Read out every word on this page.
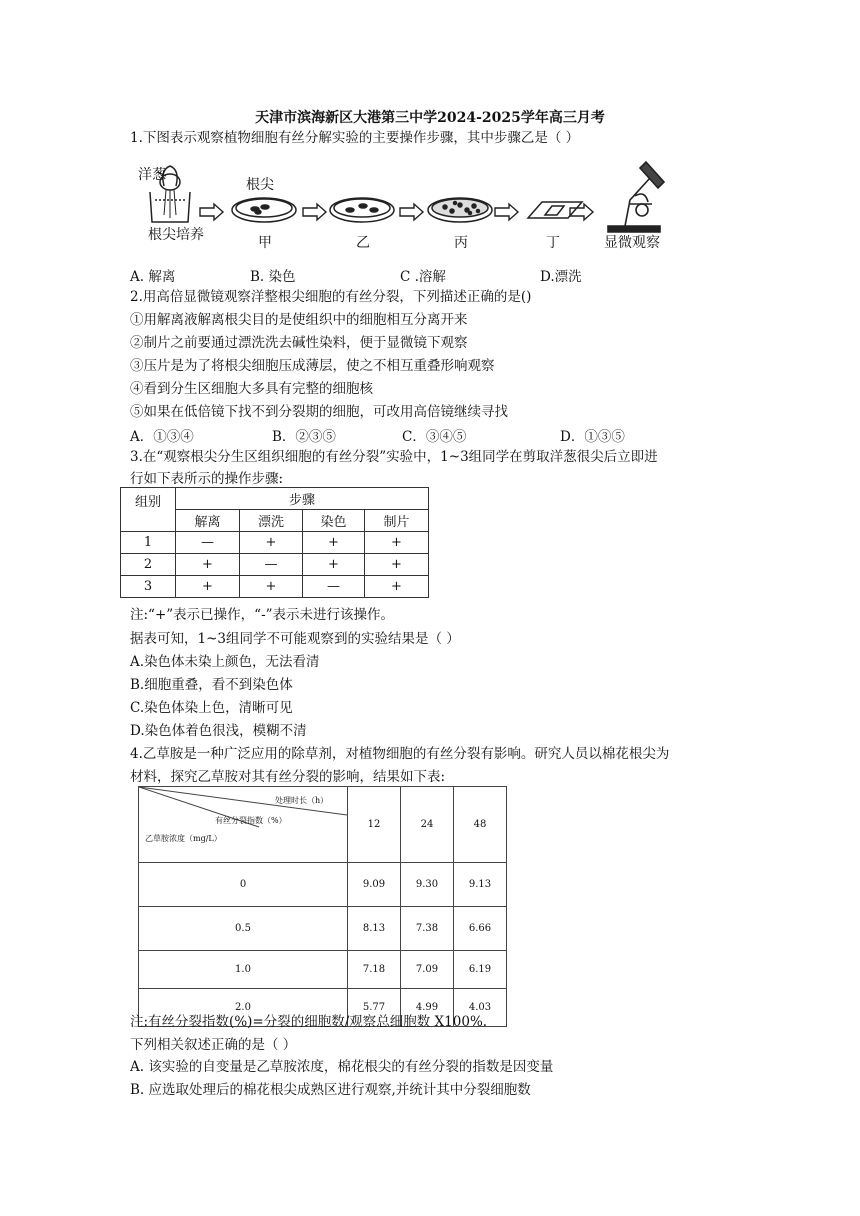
天津市滨海新区大港第三中学2024-2025学年高三月考
1.下图表示观察植物细胞有丝分解实验的主要操作步骤，其中步骤乙是（ ）
洋葱
根尖
根尖培养	甲	乙	丙	丁	显微观察
A. 解离	B. 染色	C .溶解	D.漂洗
2.用高倍显微镜观察洋整根尖细胞的有丝分裂，下列描述正确的是()
①用解离液解离根尖目的是使组织中的细胞相互分离开来
②制片之前要通过漂洗洗去碱性染料，便于显微镜下观察
③压片是为了将根尖细胞压成薄层，使之不相互重叠形响观察
④看到分生区细胞大多具有完整的细胞核
⑤如果在低倍镜下找不到分裂期的细胞，可改用高倍镜继续寻找
A．①③④	B．②③⑤	C．③④⑤	D．①③⑤
3.在“观察根尖分生区组织细胞的有丝分裂”实验中，1~3组同学在剪取洋葱很尖后立即进
行如下表所示的操作步骤:
组别	步骤			
	解离	漂洗	染色	制片
1	—	+	+	+
2	+	—	+	+
3	+	+	—	+
注:“+”表示已操作，“-”表示未进行该操作。
据表可知，1~3组同学不可能观察到的实验结果是（ ）
A.染色体未染上颜色，无法看清
B.细胞重叠，看不到染色体
C.染色体染上色，清晰可见
D.染色体着色很浅，模糊不清
4.乙草胺是一种广泛应用的除草剂，对植物细胞的有丝分裂有影响。研究人员以棉花根尖为
材料，探究乙草胺对其有丝分裂的影响，结果如下表:
处理时长（h）
有丝分裂指数（%）
乙草胺浓度（mg/L）	12	24	48
0	9.09	9.30	9.13
0.5	8.13	7.38	6.66
1.0	7.18	7.09	6.19
2.0	5.77	4.99	4.03
注:有丝分裂指数(%)=分裂的细胞数/观察总细胞数 X100%.
下列相关叙述正确的是（ ）
A. 该实验的自变量是乙草胺浓度，棉花根尖的有丝分裂的指数是因变量
B. 应选取处理后的棉花根尖成熟区进行观察,并统计其中分裂细胞数
